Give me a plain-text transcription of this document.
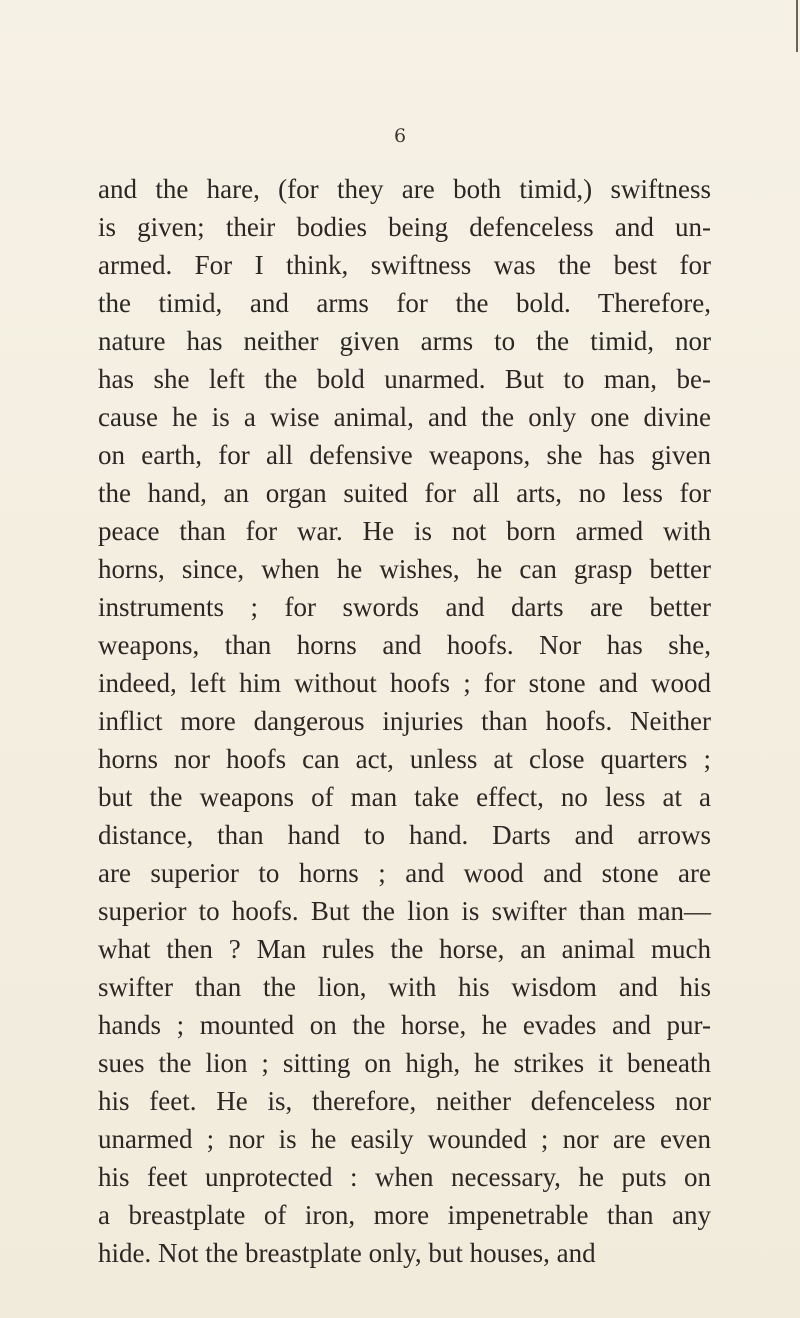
6
and the hare, (for they are both timid,) swiftness
is given; their bodies being defenceless and un-
armed. For I think, swiftness was the best for
the timid, and arms for the bold. Therefore,
nature has neither given arms to the timid, nor
has she left the bold unarmed. But to man, be-
cause he is a wise animal, and the only one divine
on earth, for all defensive weapons, she has given
the hand, an organ suited for all arts, no less for
peace than for war. He is not born armed with
horns, since, when he wishes, he can grasp better
instruments ; for swords and darts are better
weapons, than horns and hoofs. Nor has she,
indeed, left him without hoofs ; for stone and wood
inflict more dangerous injuries than hoofs. Neither
horns nor hoofs can act, unless at close quarters ;
but the weapons of man take effect, no less at a
distance, than hand to hand. Darts and arrows
are superior to horns ; and wood and stone are
superior to hoofs. But the lion is swifter than man—
what then ? Man rules the horse, an animal much
swifter than the lion, with his wisdom and his
hands ; mounted on the horse, he evades and pur-
sues the lion ; sitting on high, he strikes it beneath
his feet. He is, therefore, neither defenceless nor
unarmed ; nor is he easily wounded ; nor are even
his feet unprotected : when necessary, he puts on
a breastplate of iron, more impenetrable than any
hide. Not the breastplate only, but houses, and
